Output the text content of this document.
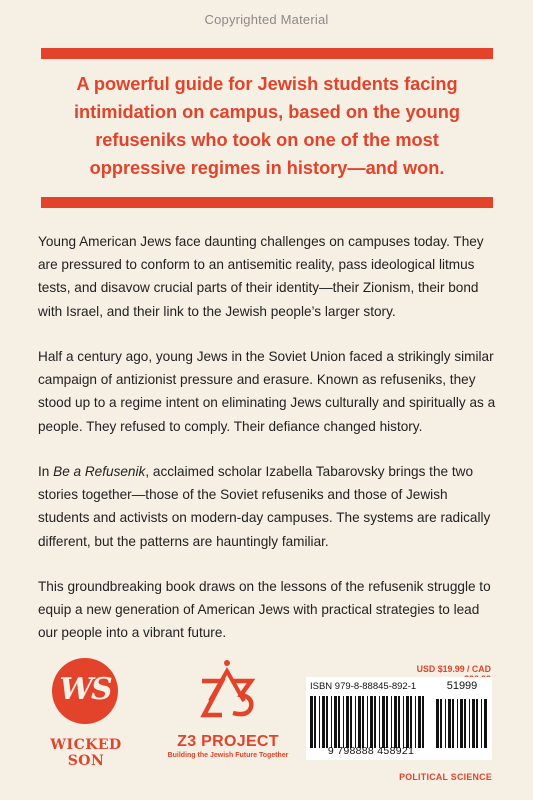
Copyrighted Material
A powerful guide for Jewish students facing intimidation on campus, based on the young refuseniks who took on one of the most oppressive regimes in history—and won.

Young American Jews face daunting challenges on campuses today. They are pressured to conform to an antisemitic reality, pass ideological litmus tests, and disavow crucial parts of their identity—their Zionism, their bond with Israel, and their link to the Jewish people’s larger story.

Half a century ago, young Jews in the Soviet Union faced a strikingly similar campaign of antizionist pressure and erasure. Known as refuseniks, they stood up to a regime intent on eliminating Jews culturally and spiritually as a people. They refused to comply. Their defiance changed history.

In Be a Refusenik, acclaimed scholar Izabella Tabarovsky brings the two stories together—those of the Soviet refuseniks and those of Jewish students and activists on modern-day campuses. The systems are radically different, but the patterns are hauntingly familiar.

This groundbreaking book draws on the lessons of the refusenik struggle to equip a new generation of American Jews with practical strategies to lead our people into a vibrant future.

WS
WICKED SON
Z3 PROJECT
Building the Jewish Future Together
USD $19.99 / CAD
ISBN 979-8-88845-892-1	51999
9 798888 458921
POLITICAL SCIENCE
